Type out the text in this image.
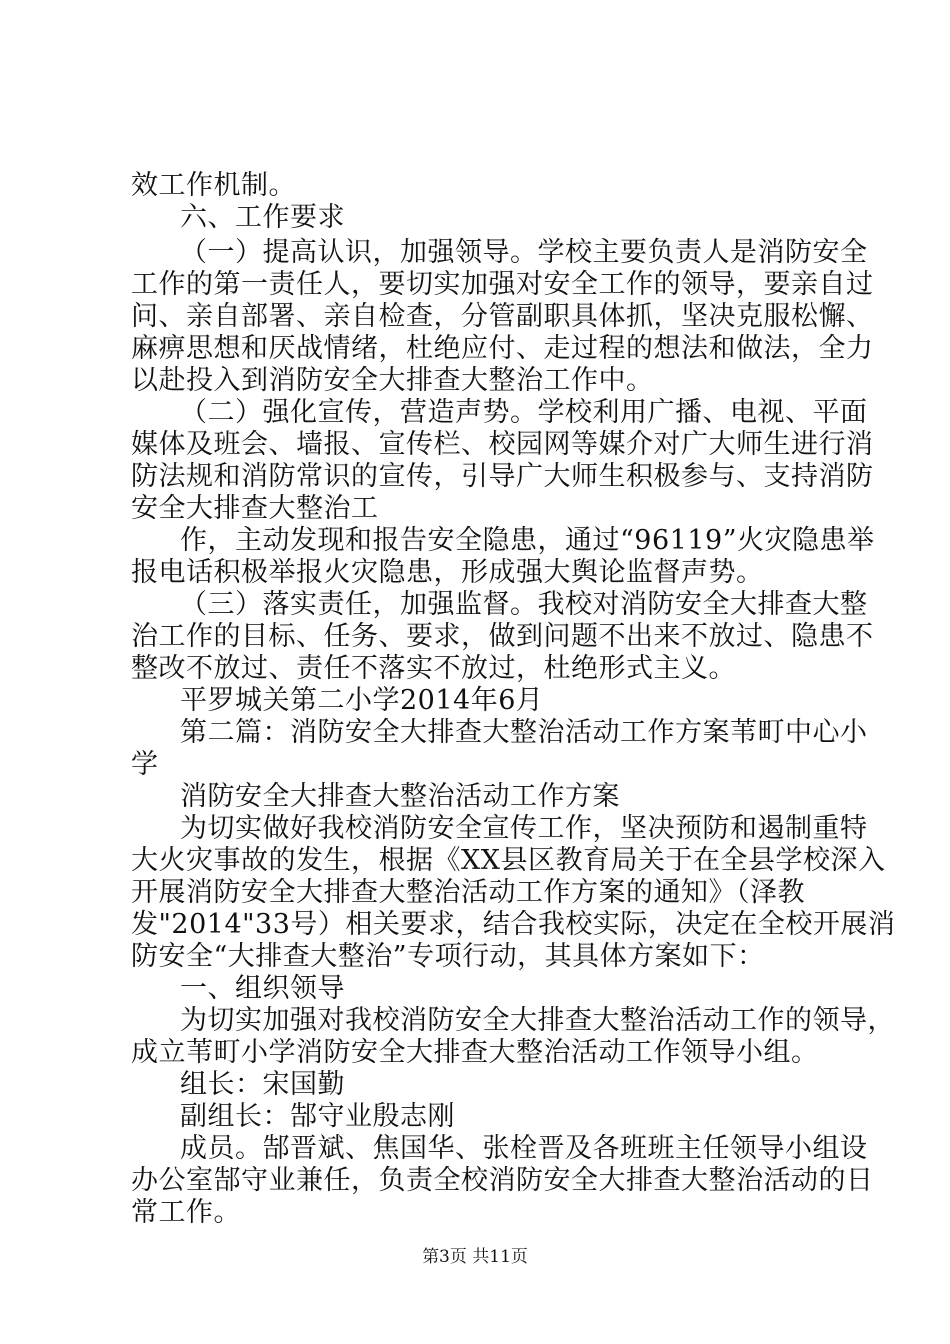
效工作机制。
六、工作要求
（一）提高认识，加强领导。学校主要负责人是消防安全
工作的第一责任人，要切实加强对安全工作的领导，要亲自过
问、亲自部署、亲自检查，分管副职具体抓，坚决克服松懈、
麻痹思想和厌战情绪，杜绝应付、走过程的想法和做法，全力
以赴投入到消防安全大排查大整治工作中。
（二）强化宣传，营造声势。学校利用广播、电视、平面
媒体及班会、墙报、宣传栏、校园网等媒介对广大师生进行消
防法规和消防常识的宣传，引导广大师生积极参与、支持消防
安全大排查大整治工
作，主动发现和报告安全隐患，通过“96119”火灾隐患举
报电话积极举报火灾隐患，形成强大舆论监督声势。
（三）落实责任，加强监督。我校对消防安全大排查大整
治工作的目标、任务、要求，做到问题不出来不放过、隐患不
整改不放过、责任不落实不放过，杜绝形式主义。
平罗城关第二小学2014年6月
第二篇：消防安全大排查大整治活动工作方案苇町中心小
学
消防安全大排查大整治活动工作方案
为切实做好我校消防安全宣传工作，坚决预防和遏制重特
大火灾事故的发生，根据《XX县区教育局关于在全县学校深入
开展消防安全大排查大整治活动工作方案的通知》（泽教
发"2014"33号）相关要求，结合我校实际，决定在全校开展消
防安全“大排查大整治”专项行动，其具体方案如下：
一、组织领导
为切实加强对我校消防安全大排查大整治活动工作的领导，
成立苇町小学消防安全大排查大整治活动工作领导小组。
组长：宋国勤
副组长：郜守业殷志刚
成员。郜晋斌、焦国华、张栓晋及各班班主任领导小组设
办公室郜守业兼任，负责全校消防安全大排查大整治活动的日
常工作。
第3页 共11页
